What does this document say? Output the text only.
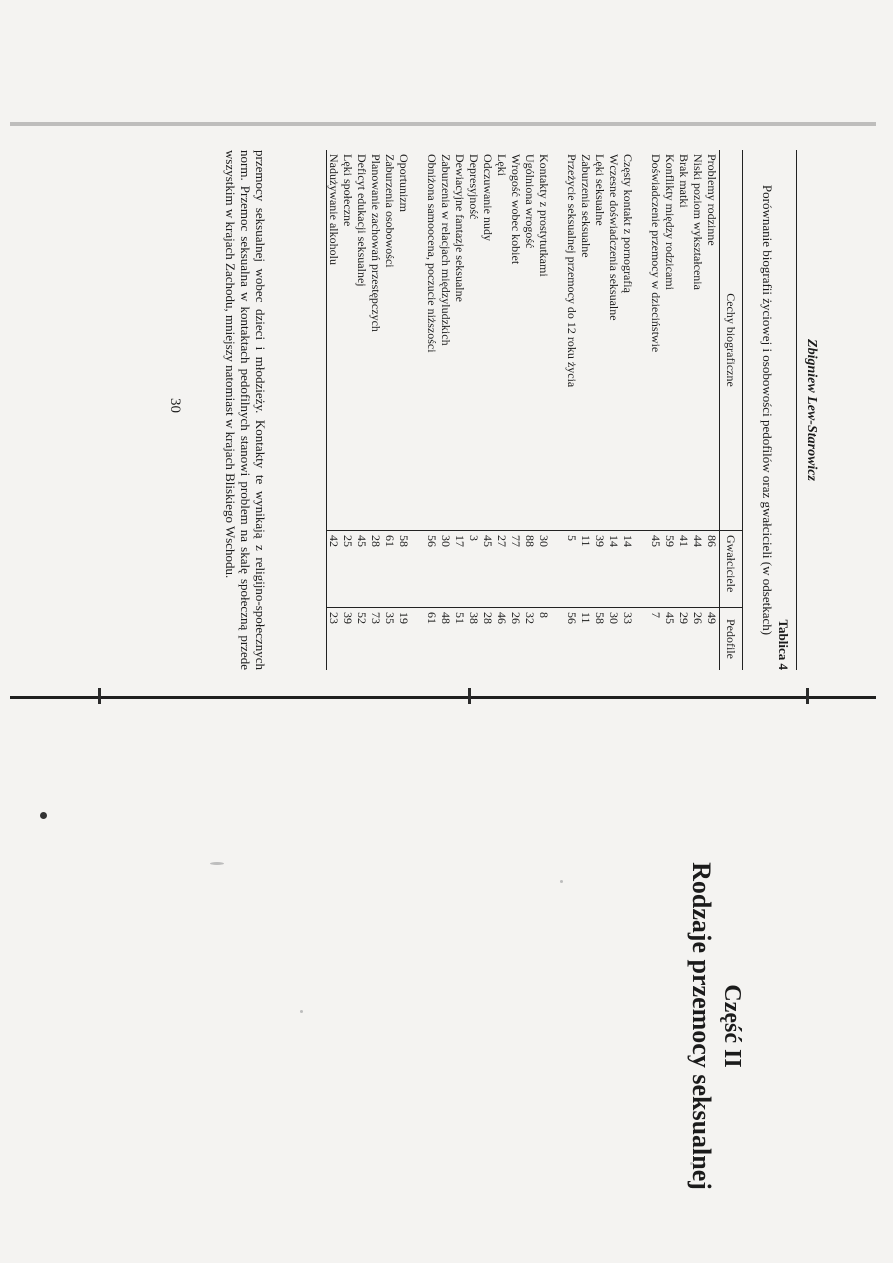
Zbigniew Lew-Starowicz
Tablica 4
Porównanie biografii życiowej i osobowości pedofilów oraz gwałcicieli (w odsetkach)
Cechy biograficzne	Gwałciciele	Pedofile
Problemy rodzinne	86	49
Niski poziom wykształcenia	44	26
Brak matki	41	29
Konflikty między rodzicami	59	45
Doświadczenie przemocy w dzieciństwie	45	7
Częsty kontakt z pornografią	14	33
Wczesne doświadczenia seksualne	14	30
Lęki seksualne	39	58
Zaburzenia seksualne	11	11
Przeżycie seksualnej przemocy do 12 roku życia	5	56
Kontakty z prostytutkami	30	8
Ugólniona wrogość	88	32
Wrogość wobec kobiet	77	26
Lęki	27	46
Odczuwanie nudy	45	28
Depresyjność	3	38
Dewiacyjne fantazje seksualne	17	51
Zaburzenia w relacjach międzyludzkich	30	48
Obniżona samoocena, poczucie niższości	56	61
Oportunizm	58	19
Zaburzenia osobowości	61	35
Planowanie zachowań przestępczych	28	73
Deficyt edukacji seksualnej	45	52
Lęki społeczne	25	39
Nadużywanie alkoholu	42	23
przemocy seksualnej wobec dzieci i młodzieży. Kontakty te wynikają z religijno-społecznych norm. Przemoc seksualna w kontaktach pedofilnych stanowi problem na skalę społeczną przede wszystkim w krajach Zachodu, mniejszy natomiast w krajach Bliskiego Wschodu.
30
Część II
Rodzaje przemocy seksualnej
